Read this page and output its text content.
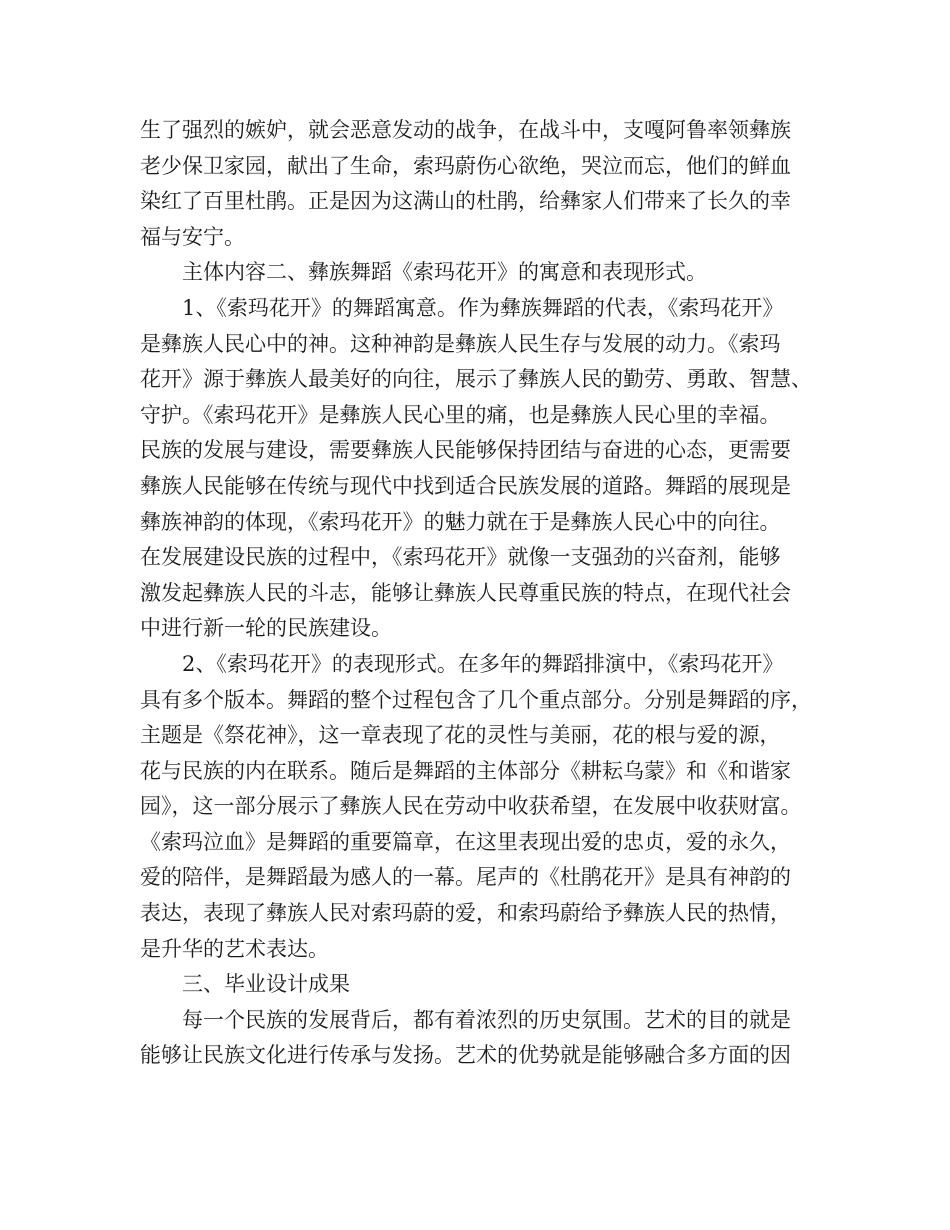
生了强烈的嫉妒，就会恶意发动的战争，在战斗中，支嘎阿鲁率领彝族
老少保卫家园，献出了生命，索玛蔚伤心欲绝，哭泣而忘，他们的鲜血
染红了百里杜鹃。正是因为这满山的杜鹃，给彝家人们带来了长久的幸
福与安宁。
主体内容二、彝族舞蹈《索玛花开》的寓意和表现形式。
1、《索玛花开》的舞蹈寓意。作为彝族舞蹈的代表，《索玛花开》
是彝族人民心中的神。这种神韵是彝族人民生存与发展的动力。《索玛
花开》源于彝族人最美好的向往，展示了彝族人民的勤劳、勇敢、智慧、
守护。《索玛花开》是彝族人民心里的痛，也是彝族人民心里的幸福。
民族的发展与建设，需要彝族人民能够保持团结与奋进的心态，更需要
彝族人民能够在传统与现代中找到适合民族发展的道路。舞蹈的展现是
彝族神韵的体现，《索玛花开》的魅力就在于是彝族人民心中的向往。
在发展建设民族的过程中，《索玛花开》就像一支强劲的兴奋剂，能够
激发起彝族人民的斗志，能够让彝族人民尊重民族的特点，在现代社会
中进行新一轮的民族建设。
2、《索玛花开》的表现形式。在多年的舞蹈排演中，《索玛花开》
具有多个版本。舞蹈的整个过程包含了几个重点部分。分别是舞蹈的序，
主题是《祭花神》，这一章表现了花的灵性与美丽，花的根与爱的源，
花与民族的内在联系。随后是舞蹈的主体部分《耕耘乌蒙》和《和谐家
园》，这一部分展示了彝族人民在劳动中收获希望，在发展中收获财富。
《索玛泣血》是舞蹈的重要篇章，在这里表现出爱的忠贞，爱的永久，
爱的陪伴，是舞蹈最为感人的一幕。尾声的《杜鹃花开》是具有神韵的
表达，表现了彝族人民对索玛蔚的爱，和索玛蔚给予彝族人民的热情，
是升华的艺术表达。
三、毕业设计成果
每一个民族的发展背后，都有着浓烈的历史氛围。艺术的目的就是
能够让民族文化进行传承与发扬。艺术的优势就是能够融合多方面的因
